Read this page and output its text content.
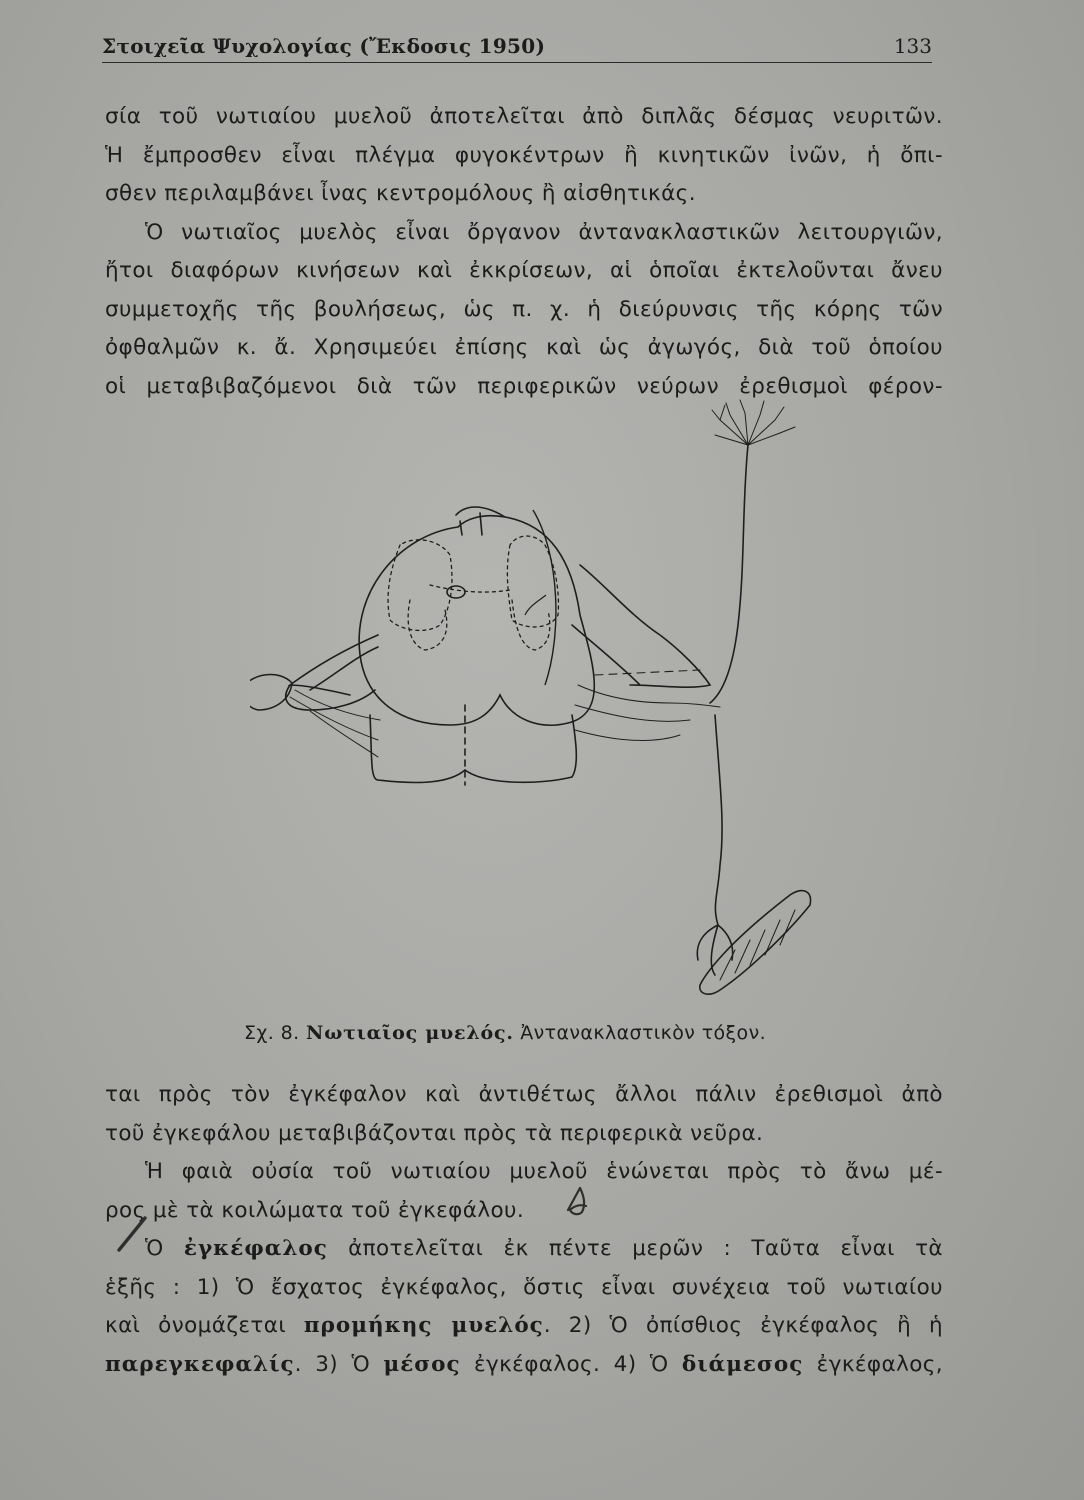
Στοιχεῖα Ψυχολογίας (Ἔκδοσις 1950)	133
σία τοῦ νωτιαίου μυελοῦ ἀποτελεῖται ἀπὸ διπλᾶς δέσμας νευριτῶν.
Ἡ ἔμπροσθεν εἶναι πλέγμα φυγοκέντρων ἢ κινητικῶν ἰνῶν, ἡ ὄπι-
σθεν περιλαμβάνει ἶνας κεντρομόλους ἢ αἰσθητικάς.
Ὁ νωτιαῖος μυελὸς εἶναι ὄργανον ἀντανακλαστικῶν λειτουργιῶν,
ἤτοι διαφόρων κινήσεων καὶ ἐκκρίσεων, αἱ ὁποῖαι ἐκτελοῦνται ἄνευ
συμμετοχῆς τῆς βουλήσεως, ὡς π. χ. ἡ διεύρυνσις τῆς κόρης τῶν
ὀφθαλμῶν κ. ἄ. Χρησιμεύει ἐπίσης καὶ ὡς ἀγωγός, διὰ τοῦ ὁποίου
οἱ μεταβιβαζόμενοι διὰ τῶν περιφερικῶν νεύρων ἐρεθισμοὶ φέρον-
Σχ. 8. Νωτιαῖος μυελός. Ἀντανακλαστικὸν τόξον.
ται πρὸς τὸν ἐγκέφαλον καὶ ἀντιθέτως ἄλλοι πάλιν ἐρεθισμοὶ ἀπὸ
τοῦ ἐγκεφάλου μεταβιβάζονται πρὸς τὰ περιφερικὰ νεῦρα.
Ἡ φαιὰ οὐσία τοῦ νωτιαίου μυελοῦ ἑνώνεται πρὸς τὸ ἄνω μέ-
ρος μὲ τὰ κοιλώματα τοῦ ἐγκεφάλου.
Ὁ ἐγκέφαλος ἀποτελεῖται ἐκ πέντε μερῶν : Ταῦτα εἶναι τὰ
ἑξῆς : 1) Ὁ ἔσχατος ἐγκέφαλος, ὅστις εἶναι συνέχεια τοῦ νωτιαίου
καὶ ὀνομάζεται προμήκης μυελός. 2) Ὁ ὀπίσθιος ἐγκέφαλος ἢ ἡ
παρεγκεφαλίς. 3) Ὁ μέσος ἐγκέφαλος. 4) Ὁ διάμεσος ἐγκέφαλος,
